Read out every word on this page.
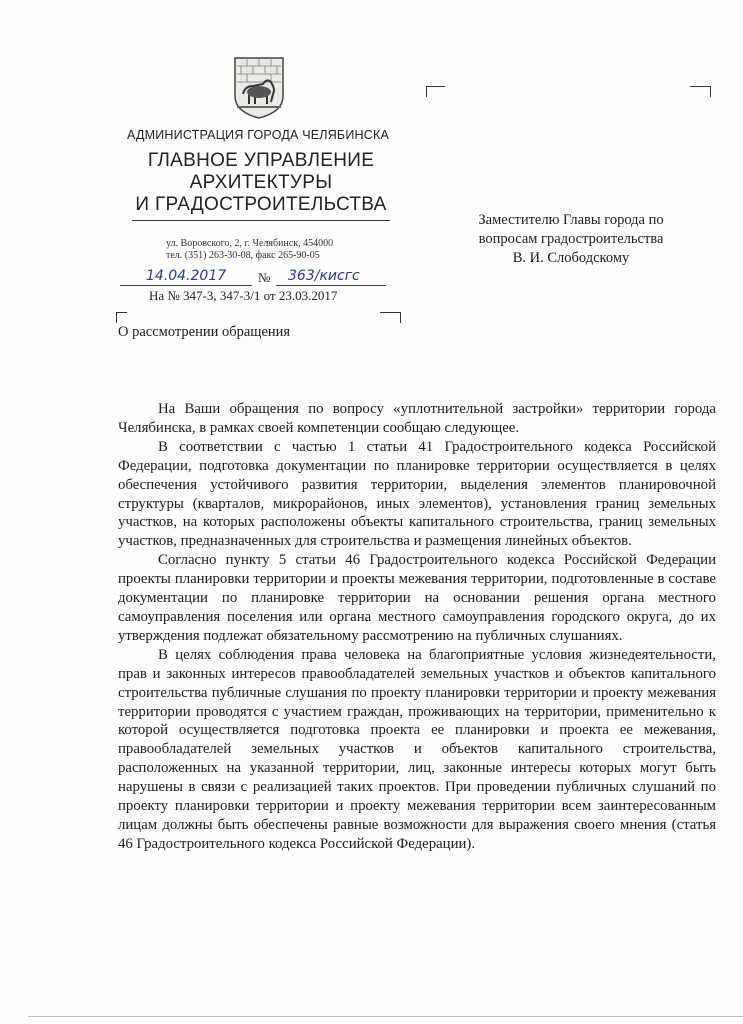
АДМИНИСТРАЦИЯ ГОРОДА ЧЕЛЯБИНСКА
ГЛАВНОЕ УПРАВЛЕНИЕ
АРХИТЕКТУРЫ
И ГРАДОСТРОИТЕЛЬСТВА
ул. Воровского, 2, г. Челябинск, 454000
тел. (351) 263-30-08, факс 265-90-05
14.04.2017	№ 363/кисгс
На № 347-3, 347-3/1 от 23.03.2017
О рассмотрении обращения
Заместителю Главы города по
вопросам градостроительства
В. И. Слободскому

На Ваши обращения по вопросу «уплотнительной застройки» территории города Челябинска, в рамках своей компетенции сообщаю следующее.

В соответствии с частью 1 статьи 41 Градостроительного кодекса Российской Федерации, подготовка документации по планировке территории осуществляется в целях обеспечения устойчивого развития территории, выделения элементов планировочной структуры (кварталов, микрорайонов, иных элементов), установления границ земельных участков, на которых расположены объекты капитального строительства, границ земельных участков, предназначенных для строительства и размещения линейных объектов.

Согласно пункту 5 статьи 46 Градостроительного кодекса Российской Федерации проекты планировки территории и проекты межевания территории, подготовленные в составе документации по планировке территории на основании решения органа местного самоуправления поселения или органа местного самоуправления городского округа, до их утверждения подлежат обязательному рассмотрению на публичных слушаниях.

В целях соблюдения права человека на благоприятные условия жизнедеятельности, прав и законных интересов правообладателей земельных участков и объектов капитального строительства публичные слушания по проекту планировки территории и проекту межевания территории проводятся с участием граждан, проживающих на территории, применительно к которой осуществляется подготовка проекта ее планировки и проекта ее межевания, правообладателей земельных участков и объектов капитального строительства, расположенных на указанной территории, лиц, законные интересы которых могут быть нарушены в связи с реализацией таких проектов. При проведении публичных слушаний по проекту планировки территории и проекту межевания территории всем заинтересованным лицам должны быть обеспечены равные возможности для выражения своего мнения (статья 46 Градостроительного кодекса Российской Федерации).
